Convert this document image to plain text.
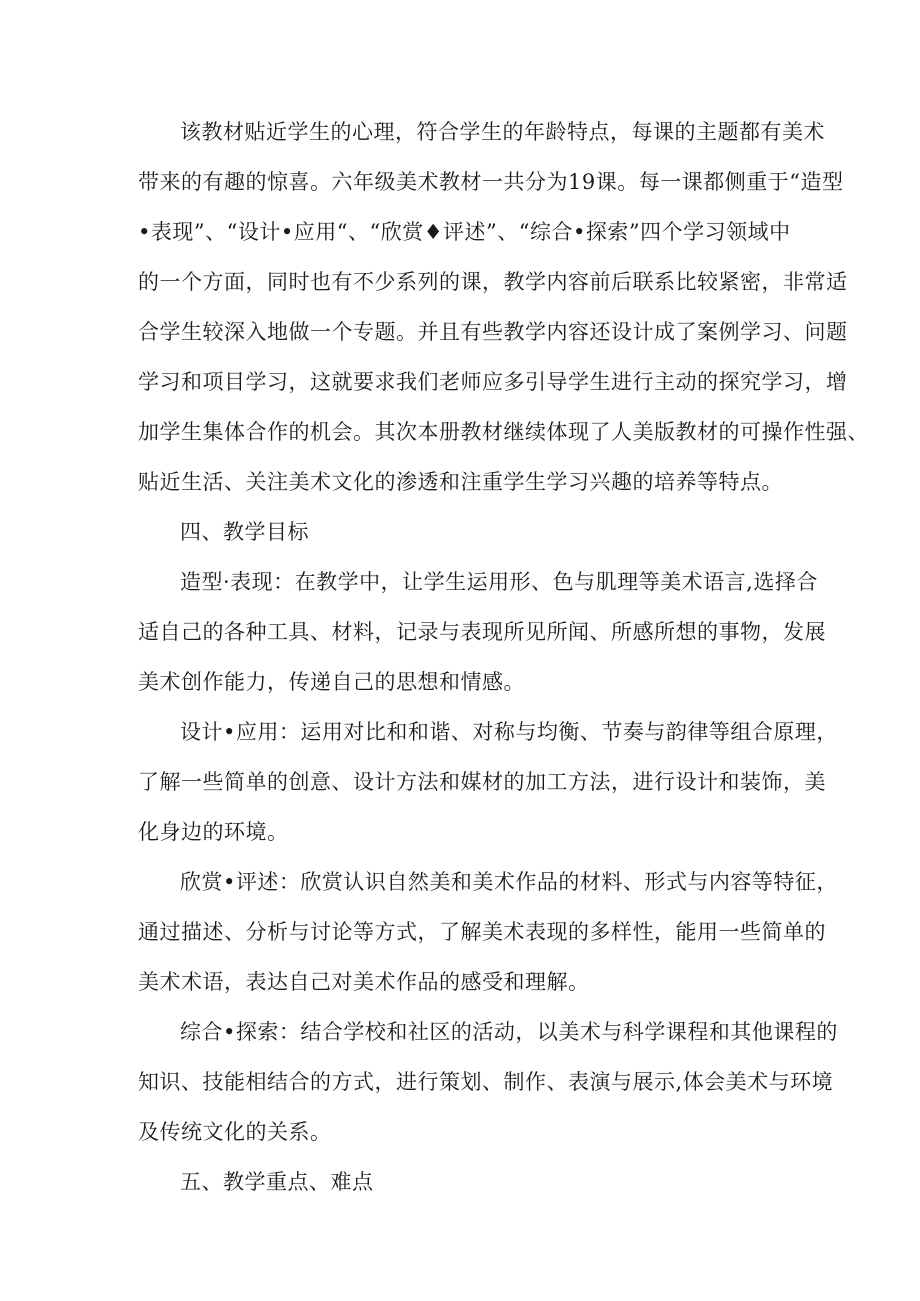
该教材贴近学生的心理，符合学生的年龄特点，每课的主题都有美术
带来的有趣的惊喜。六年级美术教材一共分为19课。每一课都侧重于“造型
•表现”、“设计•应用“、“欣赏♦评述”、“综合•探索”四个学习领域中
的一个方面，同时也有不少系列的课，教学内容前后联系比较紧密，非常适
合学生较深入地做一个专题。并且有些教学内容还设计成了案例学习、问题
学习和项目学习，这就要求我们老师应多引导学生进行主动的探究学习，增
加学生集体合作的机会。其次本册教材继续体现了人美版教材的可操作性强、
贴近生活、关注美术文化的渗透和注重学生学习兴趣的培养等特点。
四、教学目标
造型·表现：在教学中，让学生运用形、色与肌理等美术语言,选择合
适自己的各种工具、材料，记录与表现所见所闻、所感所想的事物，发展
美术创作能力，传递自己的思想和情感。
设计•应用：运用对比和和谐、对称与均衡、节奏与韵律等组合原理，
了解一些简单的创意、设计方法和媒材的加工方法，进行设计和装饰，美
化身边的环境。
欣赏•评述：欣赏认识自然美和美术作品的材料、形式与内容等特征，
通过描述、分析与讨论等方式，了解美术表现的多样性，能用一些简单的
美术术语，表达自己对美术作品的感受和理解。
综合•探索：结合学校和社区的活动，以美术与科学课程和其他课程的
知识、技能相结合的方式，进行策划、制作、表演与展示,体会美术与环境
及传统文化的关系。
五、教学重点、难点
